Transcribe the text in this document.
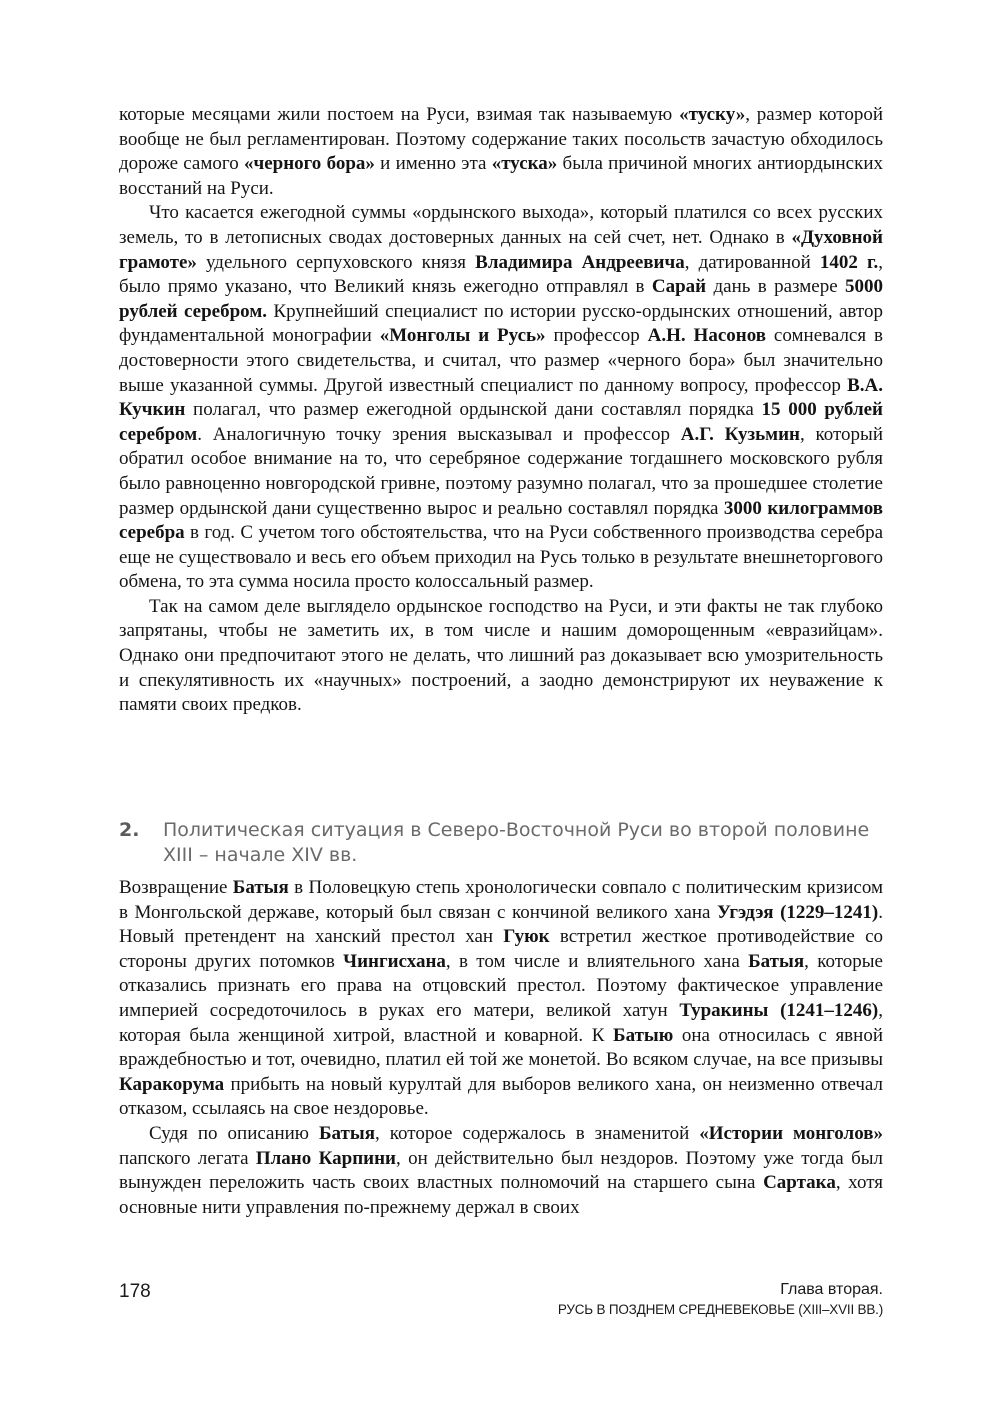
которые месяцами жили постоем на Руси, взимая так называемую «туску», размер которой вообще не был регламентирован. Поэтому содержание таких посольств зачастую обходилось дороже самого «черного бора» и именно эта «туска» была причиной многих антиордынских восстаний на Руси.

Что касается ежегодной суммы «ордынского выхода», который платился со всех русских земель, то в летописных сводах достоверных данных на сей счет, нет. Однако в «Духовной грамоте» удельного серпуховского князя Владимира Андреевича, датированной 1402 г., было прямо указано, что Великий князь ежегодно отправлял в Сарай дань в размере 5000 рублей серебром. Крупнейший специалист по истории русско-ордынских отношений, автор фундаментальной монографии «Монголы и Русь» профессор А.Н. Насонов сомневался в достоверности этого свидетельства, и считал, что размер «черного бора» был значительно выше указанной суммы. Другой известный специалист по данному вопросу, профессор В.А. Кучкин полагал, что размер ежегодной ордынской дани составлял порядка 15 000 рублей серебром. Аналогичную точку зрения высказывал и профессор А.Г. Кузьмин, который обратил особое внимание на то, что серебряное содержание тогдашнего московского рубля было равноценно новгородской гривне, поэтому разумно полагал, что за прошедшее столетие размер ордынской дани существенно вырос и реально составлял порядка 3000 килограммов серебра в год. С учетом того обстоятельства, что на Руси собственного производства серебра еще не существовало и весь его объем приходил на Русь только в результате внешнеторгового обмена, то эта сумма носила просто колоссальный размер.

Так на самом деле выглядело ордынское господство на Руси, и эти факты не так глубоко запрятаны, чтобы не заметить их, в том числе и нашим доморощенным «евразийцам». Однако они предпочитают этого не делать, что лишний раз доказывает всю умозрительность и спекулятивность их «научных» построений, а заодно демонстрируют их неуважение к памяти своих предков.

2.	Политическая ситуация в Северо-Восточной Руси во второй половине XIII – начале XIV вв.

Возвращение Батыя в Половецкую степь хронологически совпало с политическим кризисом в Монгольской державе, который был связан с кончиной великого хана Угэдэя (1229–1241). Новый претендент на ханский престол хан Гуюк встретил жесткое противодействие со стороны других потомков Чингисхана, в том числе и влиятельного хана Батыя, которые отказались признать его права на отцовский престол. Поэтому фактическое управление империей сосредоточилось в руках его матери, великой хатун Туракины (1241–1246), которая была женщиной хитрой, властной и коварной. К Батыю она относилась с явной враждебностью и тот, очевидно, платил ей той же монетой. Во всяком случае, на все призывы Каракорума прибыть на новый курултай для выборов великого хана, он неизменно отвечал отказом, ссылаясь на свое нездоровье.

Судя по описанию Батыя, которое содержалось в знаменитой «Истории монголов» папского легата Плано Карпини, он действительно был нездоров. Поэтому уже тогда был вынужден переложить часть своих властных полномочий на старшего сына Сартака, хотя основные нити управления по-прежнему держал в своих

178	Глава вторая.
РУСЬ В ПОЗДНЕМ СРЕДНЕВЕКОВЬЕ (XIII–XVII ВВ.)
